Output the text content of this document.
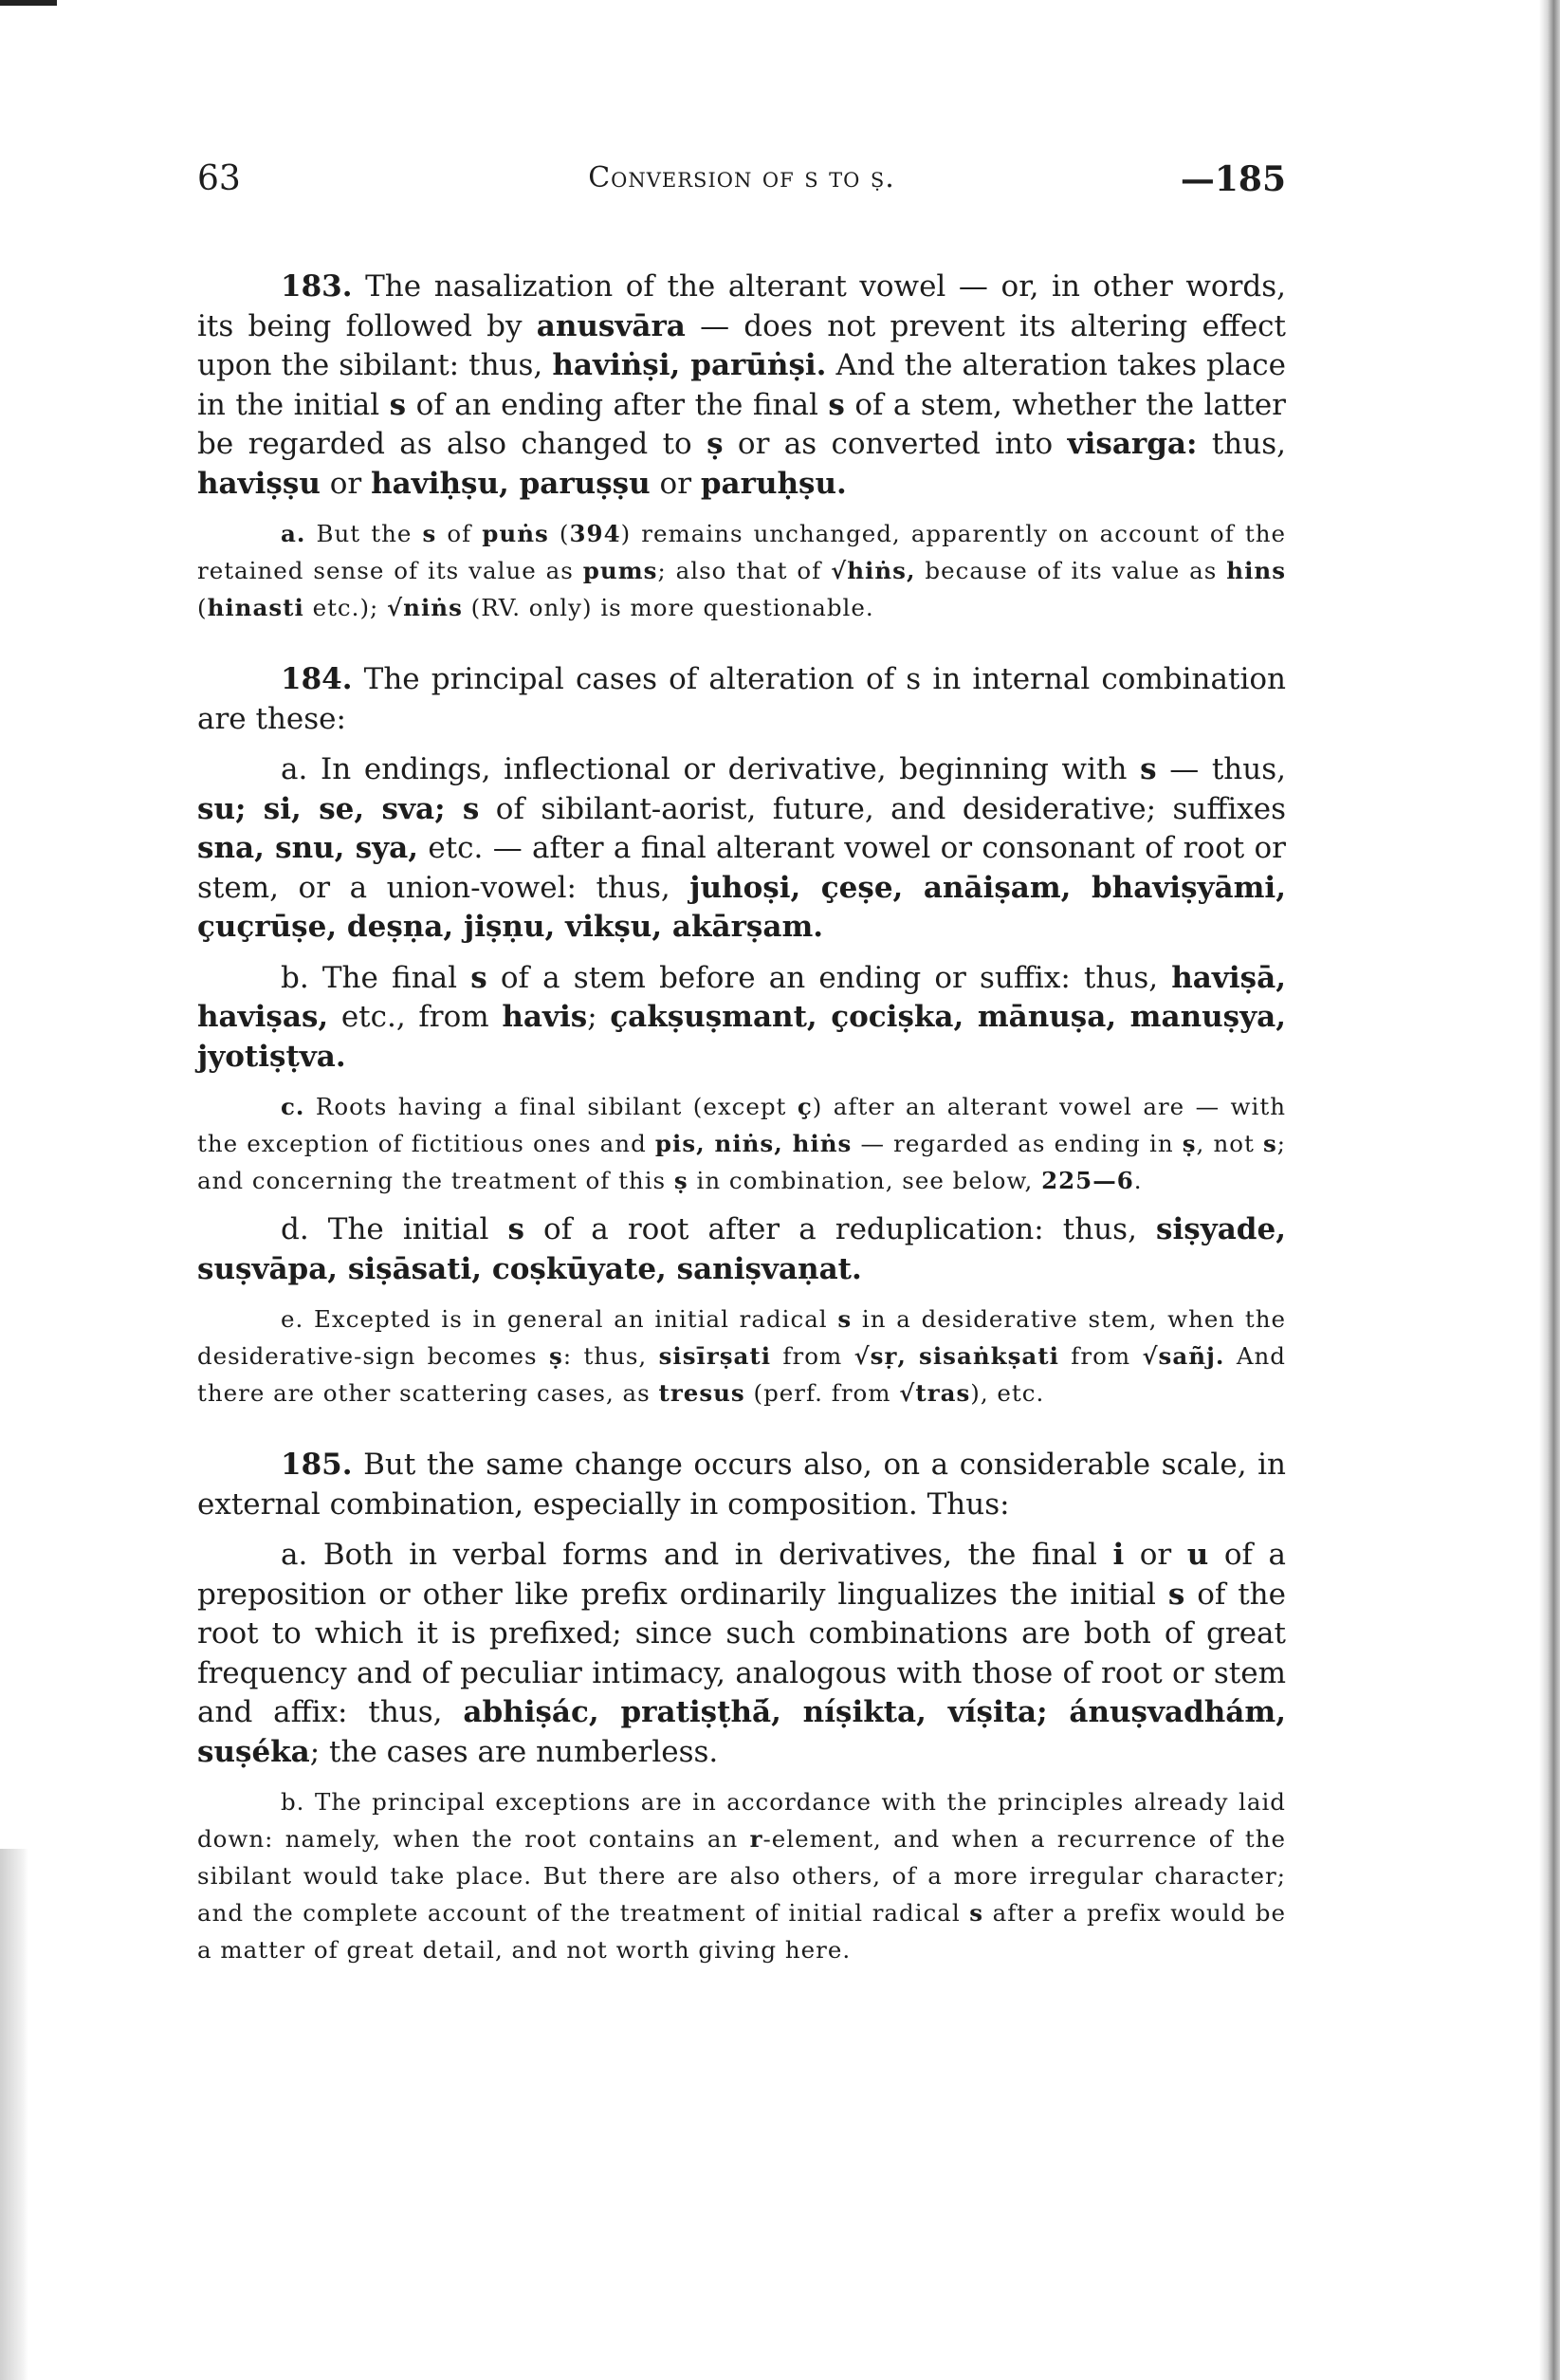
63	Conversion of s to ṣ.	—185

183. The nasalization of the alterant vowel — or, in other words, its being followed by anusvāra — does not prevent its altering effect upon the sibilant: thus, haviṅṣi, parūṅṣi. And the alteration takes place in the initial s of an ending after the final s of a stem, whether the latter be regarded as also changed to ṣ or as converted into visarga: thus, haviṣṣu or haviḥṣu, paruṣṣu or paruḥṣu.

a. But the s of puṅs (394) remains unchanged, apparently on account of the retained sense of its value as pums; also that of √hiṅs, because of its value as hins (hinasti etc.); √niṅs (RV. only) is more questionable.

184. The principal cases of alteration of s in internal combination are these:

a. In endings, inflectional or derivative, beginning with s — thus, su; si, se, sva; s of sibilant-aorist, future, and desiderative; suffixes sna, snu, sya, etc. — after a final alterant vowel or consonant of root or stem, or a union-vowel: thus, juhoṣi, çeṣe, anāiṣam, bhaviṣyāmi, çuçrūṣe, deṣṇa, jiṣṇu, vikṣu, akārṣam.

b. The final s of a stem before an ending or suffix: thus, haviṣā, haviṣas, etc., from havis; çakṣuṣmant, çociṣka, mānuṣa, manuṣya, jyotiṣṭva.

c. Roots having a final sibilant (except ç) after an alterant vowel are — with the exception of fictitious ones and pis, niṅs, hiṅs — regarded as ending in ṣ, not s; and concerning the treatment of this ṣ in combination, see below, 225—6.

d. The initial s of a root after a reduplication: thus, siṣyade, suṣvāpa, siṣāsati, coṣkūyate, saniṣvaṇat.

e. Excepted is in general an initial radical s in a desiderative stem, when the desiderative-sign becomes ṣ: thus, sisīrṣati from √sṛ, sisaṅkṣati from √sañj. And there are other scattering cases, as tresus (perf. from √tras), etc.

185. But the same change occurs also, on a considerable scale, in external combination, especially in composition. Thus:

a. Both in verbal forms and in derivatives, the final i or u of a preposition or other like prefix ordinarily lingualizes the initial s of the root to which it is prefixed; since such combinations are both of great frequency and of peculiar intimacy, analogous with those of root or stem and affix: thus, abhiṣác, pratiṣṭhā́, níṣikta, víṣita; ánuṣvadhám, suṣéka; the cases are numberless.

b. The principal exceptions are in accordance with the principles already laid down: namely, when the root contains an r-element, and when a recurrence of the sibilant would take place. But there are also others, of a more irregular character; and the complete account of the treatment of initial radical s after a prefix would be a matter of great detail, and not worth giving here.
